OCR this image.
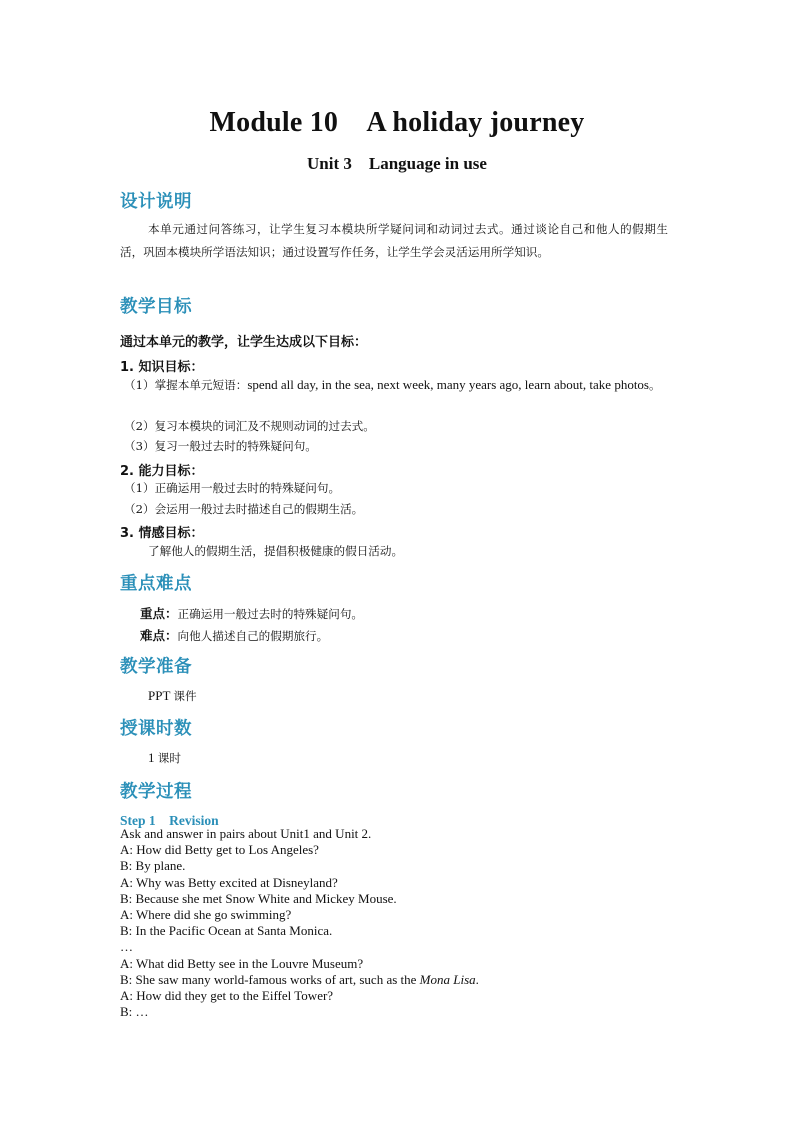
Module 10　A holiday journey
Unit 3　Language in use
设计说明

本单元通过问答练习，让学生复习本模块所学疑问词和动词过去式。通过谈论自己和他人的假期生活，巩固本模块所学语法知识；通过设置写作任务，让学生学会灵活运用所学知识。

教学目标

通过本单元的教学，让学生达成以下目标：

1. 知识目标：

（1）掌握本单元短语：spend all day, in the sea, next week, many years ago, learn about, take photos。

（2）复习本模块的词汇及不规则动词的过去式。

（3）复习一般过去时的特殊疑问句。

2. 能力目标：

（1）正确运用一般过去时的特殊疑问句。

（2）会运用一般过去时描述自己的假期生活。

3. 情感目标：

了解他人的假期生活，提倡积极健康的假日活动。

重点难点

重点：正确运用一般过去时的特殊疑问句。

难点：向他人描述自己的假期旅行。

教学准备

PPT 课件

授课时数

1 课时

教学过程

Step 1　Revision

Ask and answer in pairs about Unit1 and Unit 2.
A: How did Betty get to Los Angeles?
B: By plane.
A: Why was Betty excited at Disneyland?
B: Because she met Snow White and Mickey Mouse.
A: Where did she go swimming?
B: In the Pacific Ocean at Santa Monica.
…
A: What did Betty see in the Louvre Museum?
B: She saw many world-famous works of art, such as the Mona Lisa.
A: How did they get to the Eiffel Tower?
B: …
